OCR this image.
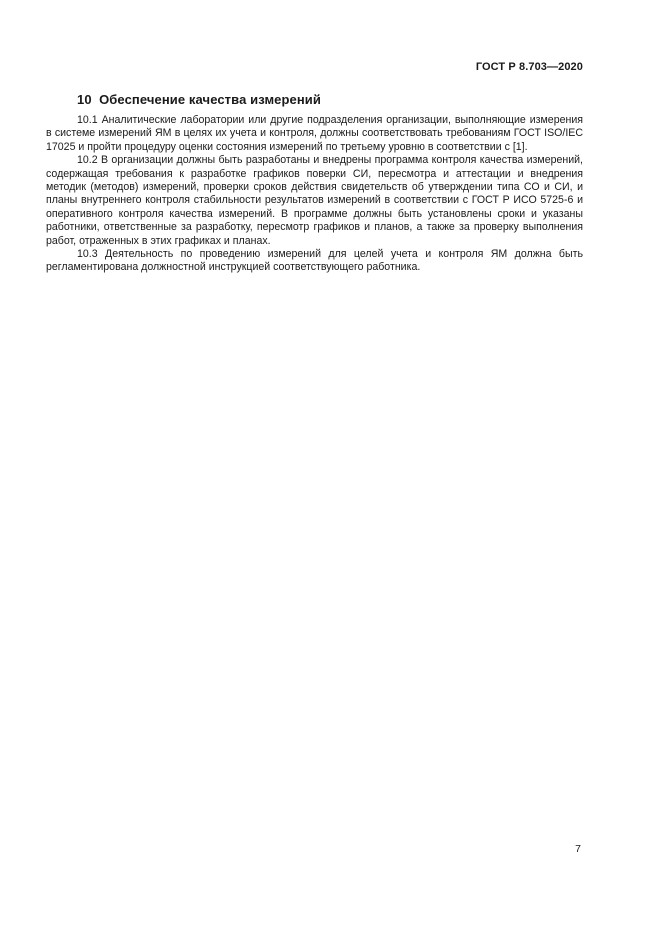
ГОСТ Р 8.703—2020
10  Обеспечение качества измерений

10.1 Аналитические лаборатории или другие подразделения организации, выполняющие измерения в системе измерений ЯМ в целях их учета и контроля, должны соответствовать требованиям ГОСТ ISO/IEC 17025 и пройти процедуру оценки состояния измерений по третьему уровню в соответствии с [1].

10.2 В организации должны быть разработаны и внедрены программа контроля качества измерений, содержащая требования к разработке графиков поверки СИ, пересмотра и аттестации и внедрения методик (методов) измерений, проверки сроков действия свидетельств об утверждении типа СО и СИ, и планы внутреннего контроля стабильности результатов измерений в соответствии с ГОСТ Р ИСО 5725-6 и оперативного контроля качества измерений. В программе должны быть установлены сроки и указаны работники, ответственные за разработку, пересмотр графиков и планов, а также за проверку выполнения работ, отраженных в этих графиках и планах.

10.3 Деятельность по проведению измерений для целей учета и контроля ЯМ должна быть регламентирована должностной инструкцией соответствующего работника.

7
